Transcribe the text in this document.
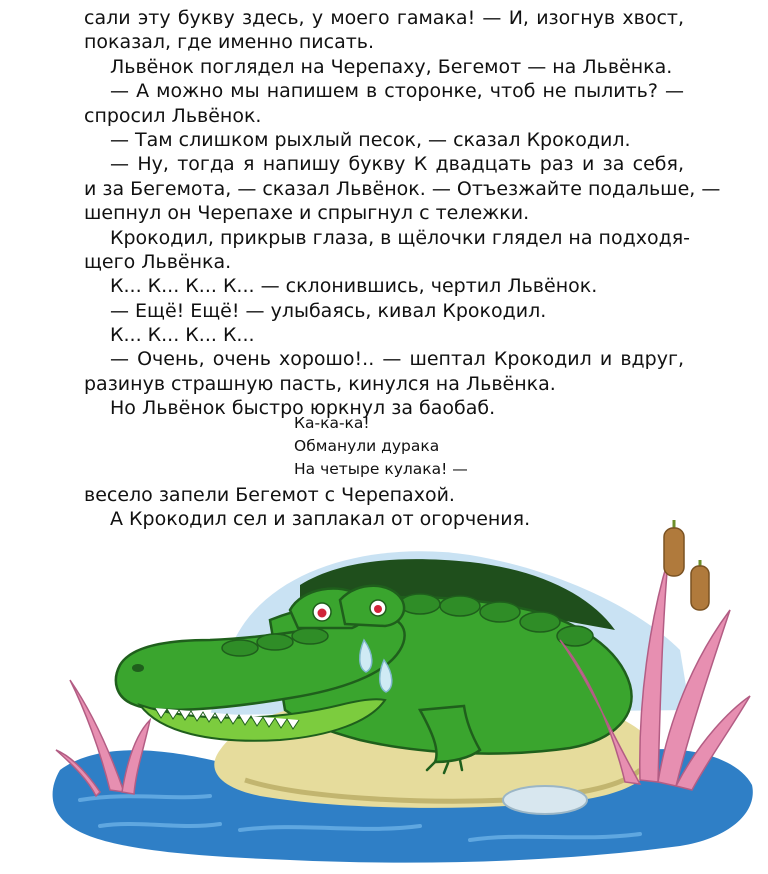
сали эту букву здесь, у моего гамака! — И, изогнув хвост,
показал, где именно писать.
Львёнок поглядел на Черепаху, Бегемот — на Львёнка.
— А можно мы напишем в сторонке, чтоб не пылить? —
спросил Львёнок.
— Там слишком рыхлый песок, — сказал Крокодил.
— Ну, тогда я напишу букву К двадцать раз и за себя,
и за Бегемота, — сказал Львёнок. — Отъезжайте подальше, —
шепнул он Черепахе и спрыгнул с тележки.
Крокодил, прикрыв глаза, в щёлочки глядел на подходя-
щего Львёнка.
К... К... К... К... — склонившись, чертил Львёнок.
— Ещё! Ещё! — улыбаясь, кивал Крокодил.
К... К... К... К...
— Очень, очень хорошо!.. — шептал Крокодил и вдруг,
разинув страшную пасть, кинулся на Львёнка.
Но Львёнок быстро юркнул за баобаб.
Ка-ка-ка!
Обманули дурака
На четыре кулака! —
весело запели Бегемот с Черепахой.
А Крокодил сел и заплакал от огорчения.
